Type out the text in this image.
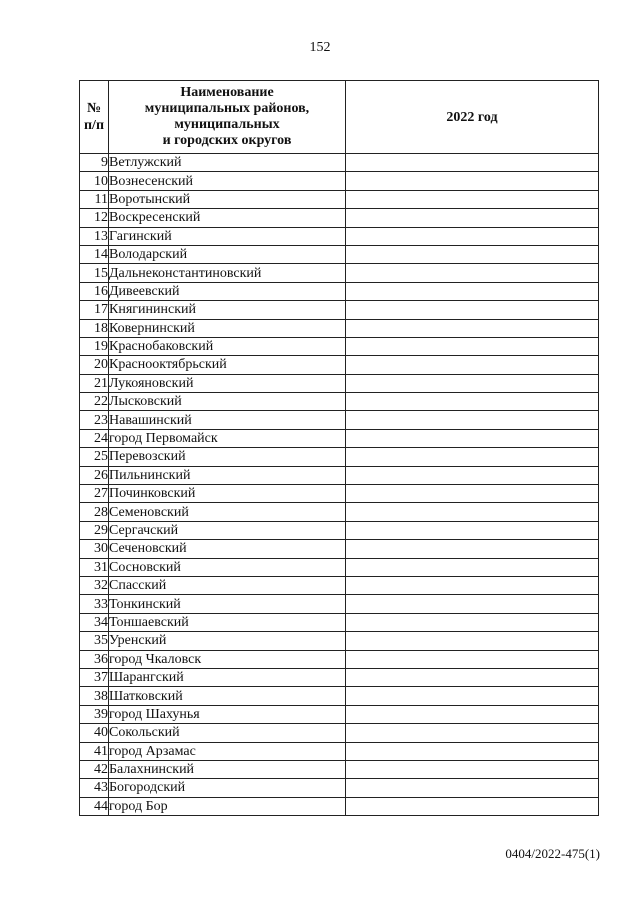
152
№ п/п	Наименование
муниципальных районов,
муниципальных
и городских округов	2022 год
9	Ветлужский	
10	Вознесенский	
11	Воротынский	
12	Воскресенский	
13	Гагинский	
14	Володарский	
15	Дальнеконстантиновский	
16	Дивеевский	
17	Княгининский	
18	Ковернинский	
19	Краснобаковский	
20	Краснооктябрьский	
21	Лукояновский	
22	Лысковский	
23	Навашинский	
24	город Первомайск	
25	Перевозский	
26	Пильнинский	
27	Починковский	
28	Семеновский	
29	Сергачский	
30	Сеченовский	
31	Сосновский	
32	Спасский	
33	Тонкинский	
34	Тоншаевский	
35	Уренский	
36	город Чкаловск	
37	Шарангский	
38	Шатковский	
39	город Шахунья	
40	Сокольский	
41	город Арзамас	
42	Балахнинский	
43	Богородский	
44	город Бор	
0404/2022-475(1)
